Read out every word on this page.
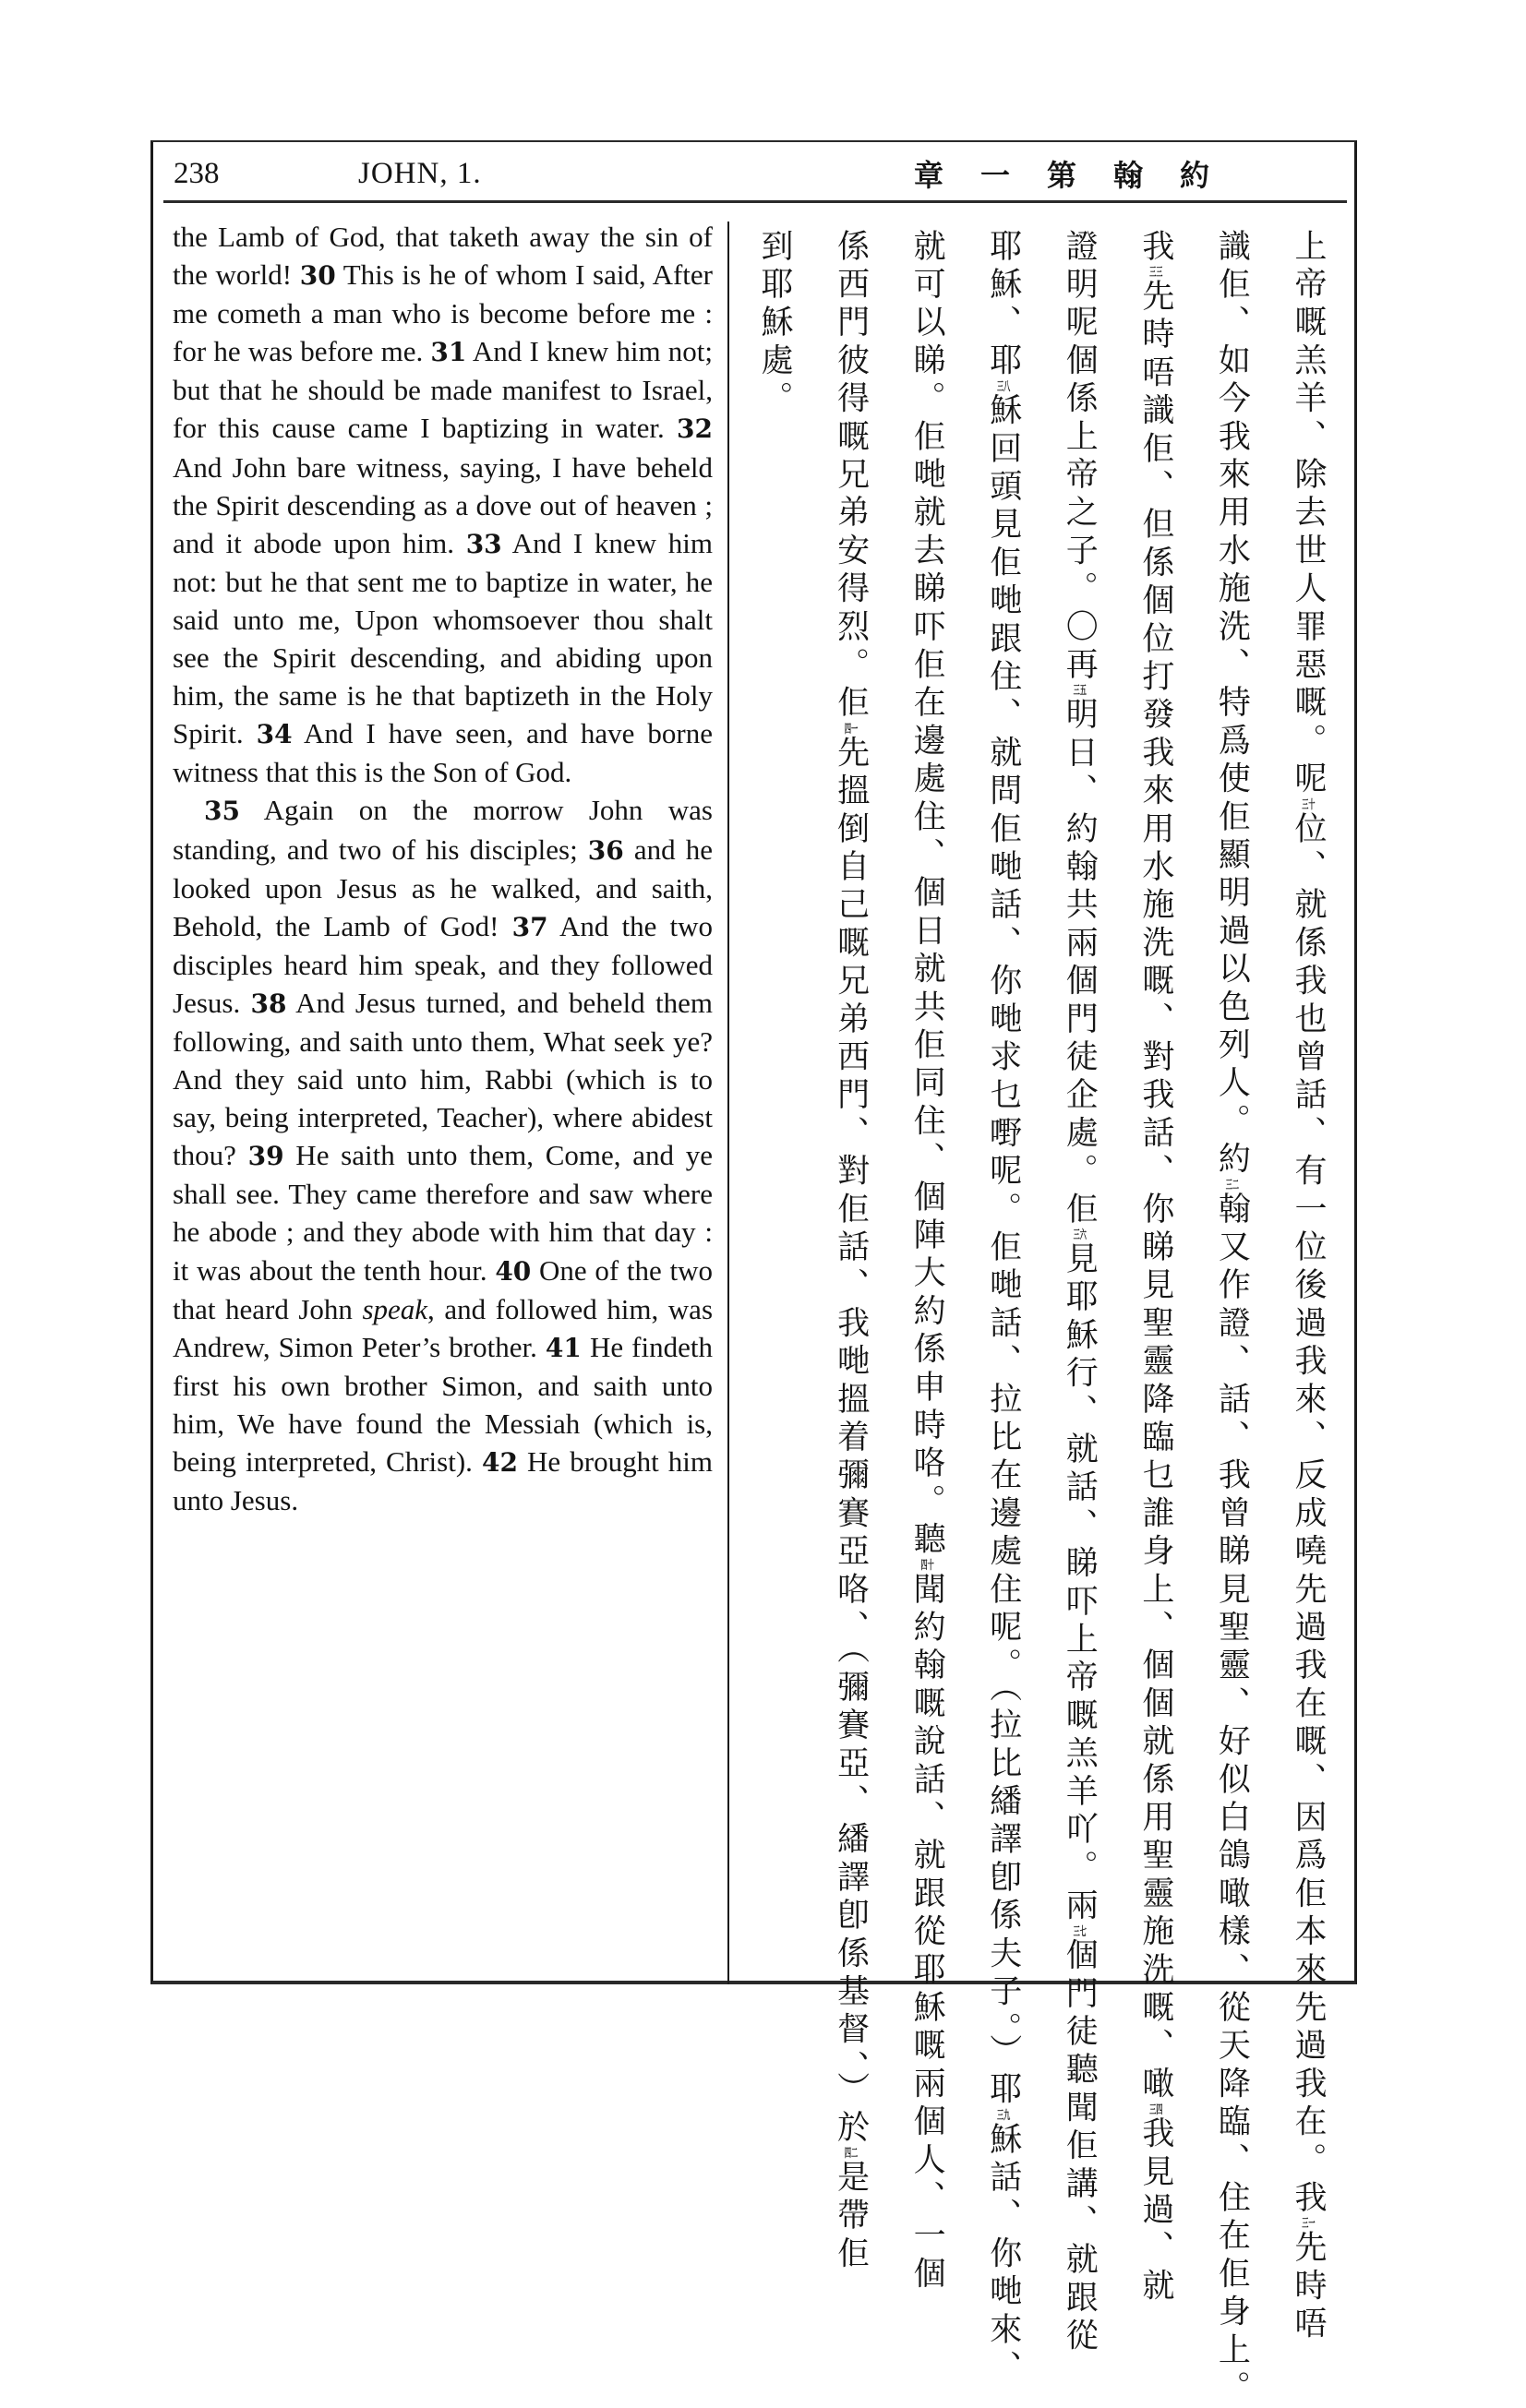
238	JOHN, 1.	章 一 第 翰 約

the Lamb of God, that taketh away the sin of the world! 30 This is he of whom I said, After me cometh a man who is become before me : for he was before me. 31 And I knew him not; but that he should be made manifest to Israel, for this cause came I baptizing in water. 32 And John bare witness, saying, I have beheld the Spirit descending as a dove out of heaven ; and it abode upon him. 33 And I knew him not: but he that sent me to baptize in water, he said unto me, Upon whomsoever thou shalt see the Spirit descending, and abiding upon him, the same is he that baptizeth in the Holy Spirit. 34 And I have seen, and have borne witness that this is the Son of God.

35 Again on the morrow John was standing, and two of his disciples; 36 and he looked upon Jesus as he walked, and saith, Behold, the Lamb of God! 37 And the two disciples heard him speak, and they followed Jesus. 38 And Jesus turned, and beheld them following, and saith unto them, What seek ye? And they said unto him, Rabbi (which is to say, being interpreted, Teacher), where abidest thou? 39 He saith unto them, Come, and ye shall see. They came therefore and saw where he abode ; and they abode with him that day : it was about the tenth hour. 40 One of the two that heard John speak, and followed him, was Andrew, Simon Peter’s brother. 41 He findeth first his own brother Simon, and saith unto him, We have found the Messiah (which is, being interpreted, Christ). 42 He brought him unto Jesus.

上帝嘅羔羊、除去世人罪惡嘅。呢三十位、就係我也曾話、有一位後過我來、反成嘵先過我在嘅、因爲佢本來先過我在。我三一先時唔
識佢、如今我來用水施洗、特爲使佢顯明過以色列人。約三二翰又作證、話、我曾睇見聖靈、好似白鴿噉樣、從天降臨、住在佢身上。
我三三先時唔識佢、但係個位打發我來用水施洗嘅、對我話、你睇見聖靈降臨乜誰身上、個個就係用聖靈施洗嘅、噉三四我見過、就
證明呢個係上帝之子。〇再三五明日、約翰共兩個門徒企處。佢三六見耶穌行、就話、睇吓上帝嘅羔羊吖。兩三七個門徒聽聞佢講、就跟從
耶穌、耶三八穌回頭見佢哋跟住、就問佢哋話、你哋求乜嘢呢。佢哋話、拉比在邊處住呢。（拉比繙譯卽係夫子。）耶三九穌話、你哋來、
就可以睇。佢哋就去睇吓佢在邊處住、個日就共佢同住、個陣大約係申時咯。聽四十聞約翰嘅說話、就跟從耶穌嘅兩個人、一個
係西門彼得嘅兄弟安得烈。佢四一先搵倒自己嘅兄弟西門、對佢話、我哋搵着彌賽亞咯、（彌賽亞、繙譯卽係基督、）於四二是帶佢
到耶穌處。
